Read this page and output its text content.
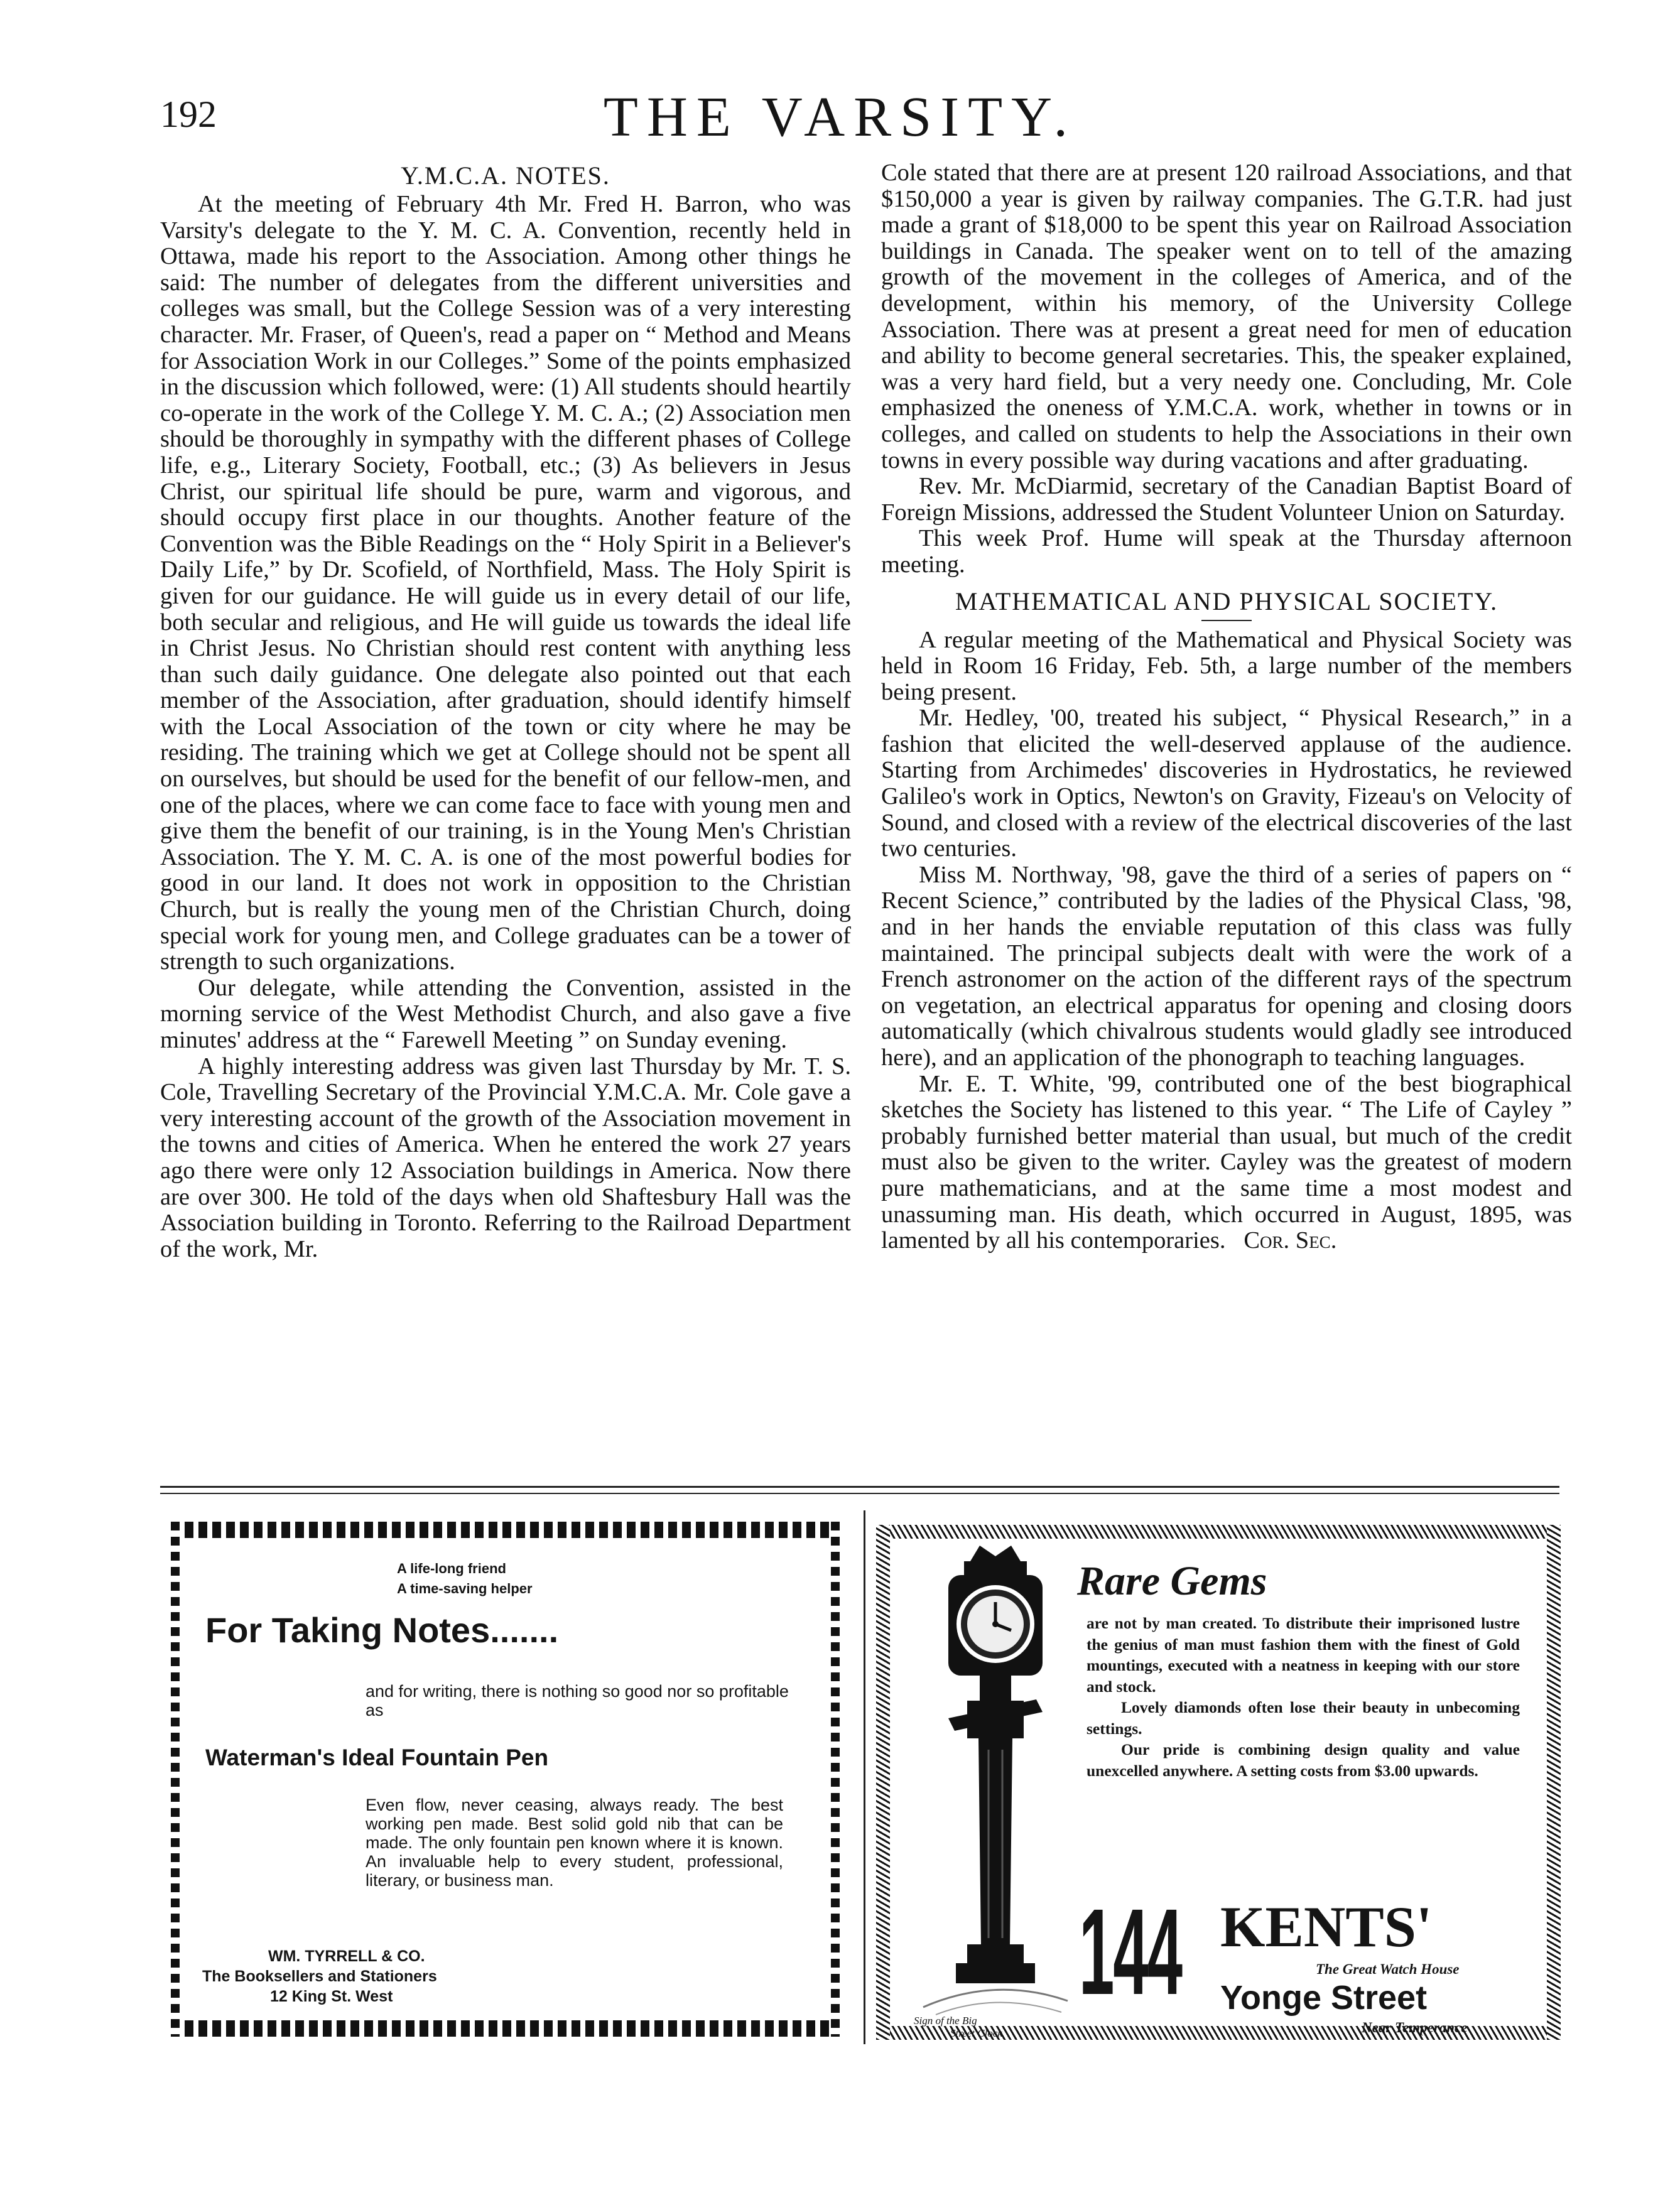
192	THE VARSITY.
Y.M.C.A. NOTES.

At the meeting of February 4th Mr. Fred H. Barron, who was Varsity's delegate to the Y. M. C. A. Convention, recently held in Ottawa, made his report to the Association. Among other things he said: The number of delegates from the different universities and colleges was small, but the College Session was of a very interesting character. Mr. Fraser, of Queen's, read a paper on “ Method and Means for Association Work in our Colleges.” Some of the points emphasized in the discussion which followed, were: (1) All students should heartily co-operate in the work of the College Y. M. C. A.; (2) Association men should be thoroughly in sympathy with the different phases of College life, e.g., Literary Society, Football, etc.; (3) As believers in Jesus Christ, our spiritual life should be pure, warm and vigorous, and should occupy first place in our thoughts. Another feature of the Convention was the Bible Readings on the “ Holy Spirit in a Believer's Daily Life,” by Dr. Scofield, of Northfield, Mass. The Holy Spirit is given for our guidance. He will guide us in every detail of our life, both secular and religious, and He will guide us towards the ideal life in Christ Jesus. No Christian should rest content with anything less than such daily guidance. One delegate also pointed out that each member of the Association, after graduation, should identify himself with the Local Association of the town or city where he may be residing. The training which we get at College should not be spent all on ourselves, but should be used for the benefit of our fellow-men, and one of the places, where we can come face to face with young men and give them the benefit of our training, is in the Young Men's Christian Association. The Y. M. C. A. is one of the most powerful bodies for good in our land. It does not work in opposition to the Christian Church, but is really the young men of the Christian Church, doing special work for young men, and College graduates can be a tower of strength to such organizations.

Our delegate, while attending the Convention, assisted in the morning service of the West Methodist Church, and also gave a five minutes' address at the “ Farewell Meeting ” on Sunday evening.

A highly interesting address was given last Thursday by Mr. T. S. Cole, Travelling Secretary of the Provincial Y.M.C.A. Mr. Cole gave a very interesting account of the growth of the Association movement in the towns and cities of America. When he entered the work 27 years ago there were only 12 Association buildings in America. Now there are over 300. He told of the days when old Shaftesbury Hall was the Association building in Toronto. Referring to the Railroad Department of the work, Mr.

Cole stated that there are at present 120 railroad Associations, and that $150,000 a year is given by railway companies. The G.T.R. had just made a grant of $18,000 to be spent this year on Railroad Association buildings in Canada. The speaker went on to tell of the amazing growth of the movement in the colleges of America, and of the development, within his memory, of the University College Association. There was at present a great need for men of education and ability to become general secretaries. This, the speaker explained, was a very hard field, but a very needy one. Concluding, Mr. Cole emphasized the oneness of Y.M.C.A. work, whether in towns or in colleges, and called on students to help the Associations in their own towns in every possible way during vacations and after graduating.

Rev. Mr. McDiarmid, secretary of the Canadian Baptist Board of Foreign Missions, addressed the Student Volunteer Union on Saturday.

This week Prof. Hume will speak at the Thursday afternoon meeting.

MATHEMATICAL AND PHYSICAL SOCIETY.

A regular meeting of the Mathematical and Physical Society was held in Room 16 Friday, Feb. 5th, a large number of the members being present.

Mr. Hedley, '00, treated his subject, “ Physical Research,” in a fashion that elicited the well-deserved applause of the audience. Starting from Archimedes' discoveries in Hydrostatics, he reviewed Galileo's work in Optics, Newton's on Gravity, Fizeau's on Velocity of Sound, and closed with a review of the electrical discoveries of the last two centuries.

Miss M. Northway, '98, gave the third of a series of papers on “ Recent Science,” contributed by the ladies of the Physical Class, '98, and in her hands the enviable reputation of this class was fully maintained. The principal subjects dealt with were the work of a French astronomer on the action of the different rays of the spectrum on vegetation, an electrical apparatus for opening and closing doors automatically (which chivalrous students would gladly see introduced here), and an application of the phonograph to teaching languages.

Mr. E. T. White, '99, contributed one of the best biographical sketches the Society has listened to this year. “ The Life of Cayley ” probably furnished better material than usual, but much of the credit must also be given to the writer. Cayley was the greatest of modern pure mathematicians, and at the same time a most modest and unassuming man. His death, which occurred in August, 1895, was lamented by all his contemporaries. Cor. Sec.

A life-long friend
A time-saving helper
For Taking Notes.......
and for writing, there is nothing so good nor so profitable as
Waterman's Ideal Fountain Pen
Even flow, never ceasing, always ready. The best working pen made. Best solid gold nib that can be made. The only fountain pen known where it is known. An invaluable help to every student, professional, literary, or business man.
WM. TYRRELL & CO.
The Booksellers and Stationers
12 King St. West
Rare Gems

are not by man created. To distribute their imprisoned lustre the genius of man must fashion them with the finest of Gold mountings, executed with a neatness in keeping with our store and stock.

Lovely diamonds often lose their beauty in unbecoming settings.

Our pride is combining design quality and value unexcelled anywhere. A setting costs from $3.00 upwards.

144 KENTS'
The Great Watch House
Yonge Street
Near Temperance
Sign of the Big
Street Clock
